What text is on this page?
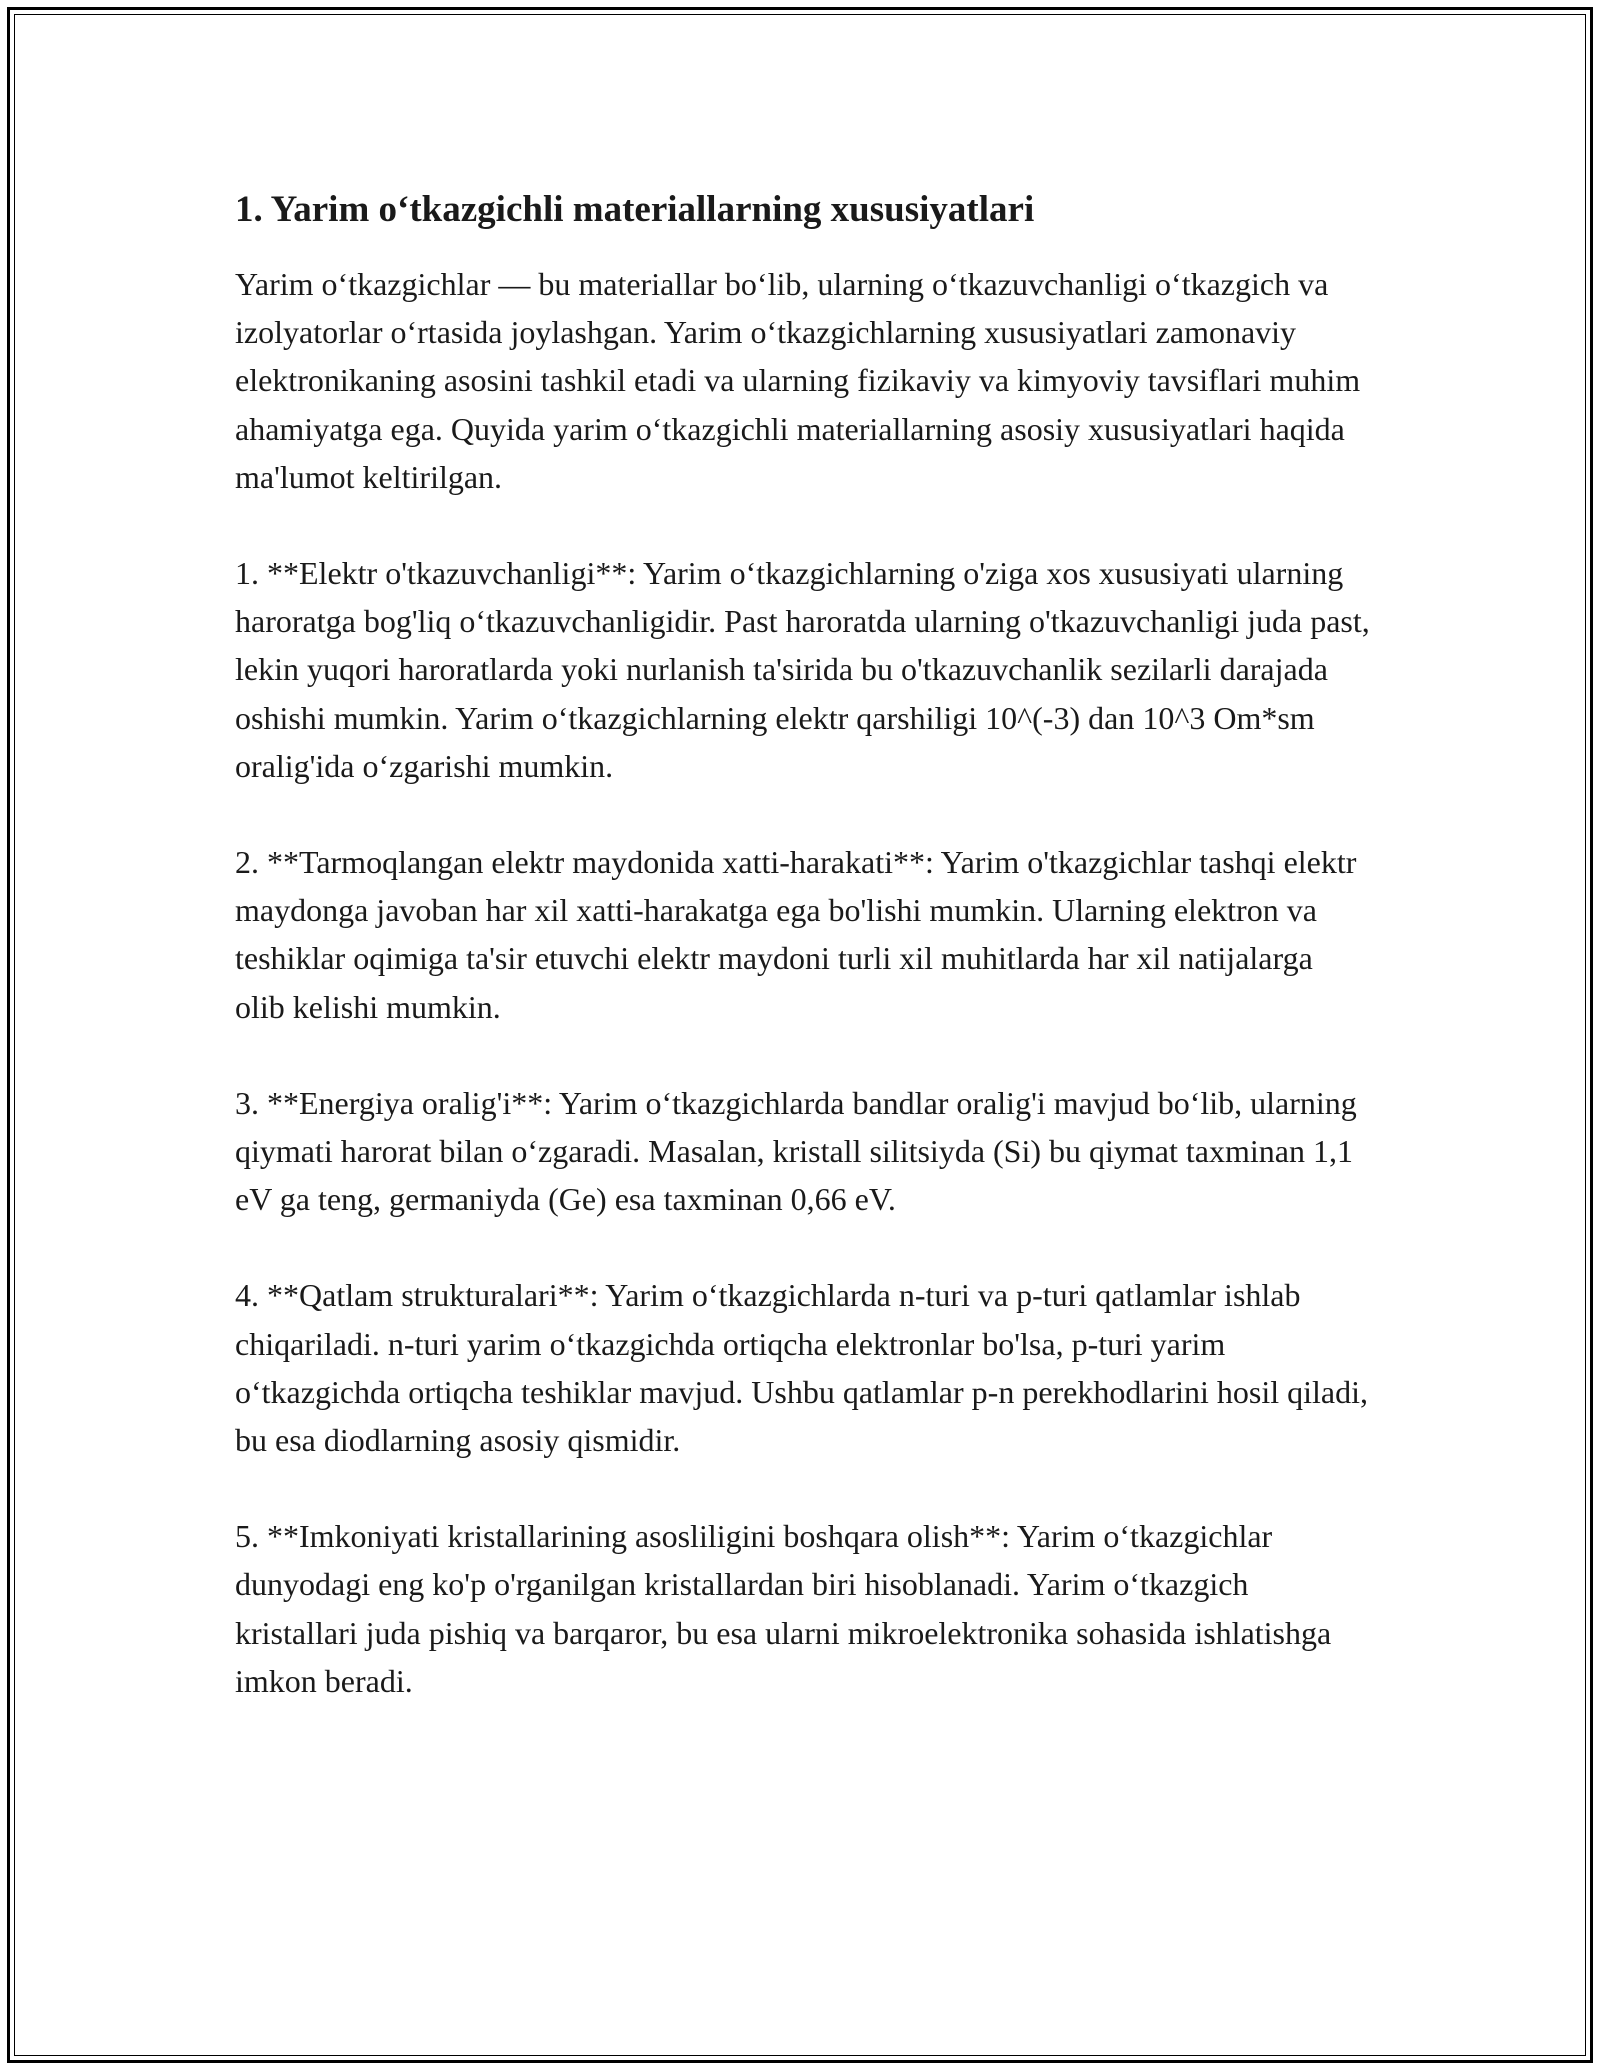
1. Yarim o‘tkazgichli materiallarning xususiyatlari

Yarim o‘tkazgichlar — bu materiallar bo‘lib, ularning o‘tkazuvchanligi o‘tkazgich va izolyatorlar o‘rtasida joylashgan. Yarim o‘tkazgichlarning xususiyatlari zamonaviy elektronikaning asosini tashkil etadi va ularning fizikaviy va kimyoviy tavsiflari muhim ahamiyatga ega. Quyida yarim o‘tkazgichli materiallarning asosiy xususiyatlari haqida ma'lumot keltirilgan.

1. **Elektr o'tkazuvchanligi**: Yarim o‘tkazgichlarning o'ziga xos xususiyati ularning haroratga bog'liq o‘tkazuvchanligidir. Past haroratda ularning o'tkazuvchanligi juda past, lekin yuqori haroratlarda yoki nurlanish ta'sirida bu o'tkazuvchanlik sezilarli darajada oshishi mumkin. Yarim o‘tkazgichlarning elektr qarshiligi 10^(-3) dan 10^3 Om*sm oralig'ida o‘zgarishi mumkin.

2. **Tarmoqlangan elektr maydonida xatti-harakati**: Yarim o'tkazgichlar tashqi elektr maydonga javoban har xil xatti-harakatga ega bo'lishi mumkin. Ularning elektron va teshiklar oqimiga ta'sir etuvchi elektr maydoni turli xil muhitlarda har xil natijalarga olib kelishi mumkin.

3. **Energiya oralig'i**: Yarim o‘tkazgichlarda bandlar oralig'i mavjud bo‘lib, ularning qiymati harorat bilan o‘zgaradi. Masalan, kristall silitsiyda (Si) bu qiymat taxminan 1,1 eV ga teng, germaniyda (Ge) esa taxminan 0,66 eV.

4. **Qatlam strukturalari**: Yarim o‘tkazgichlarda n-turi va p-turi qatlamlar ishlab chiqariladi. n-turi yarim o‘tkazgichda ortiqcha elektronlar bo'lsa, p-turi yarim o‘tkazgichda ortiqcha teshiklar mavjud. Ushbu qatlamlar p-n perekhodlarini hosil qiladi, bu esa diodlarning asosiy qismidir.

5. **Imkoniyati kristallarining asosliligini boshqara olish**: Yarim o‘tkazgichlar dunyodagi eng ko'p o'rganilgan kristallardan biri hisoblanadi. Yarim o‘tkazgich kristallari juda pishiq va barqaror, bu esa ularni mikroelektronika sohasida ishlatishga imkon beradi.
